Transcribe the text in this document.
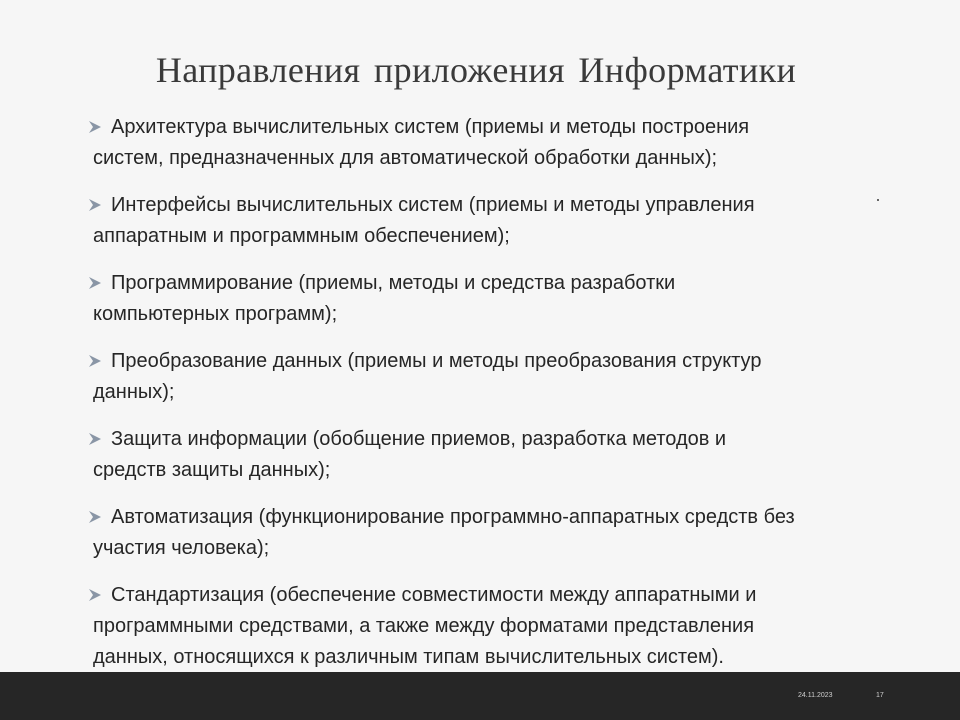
Направления приложения Информатики
Архитектура вычислительных систем (приемы и методы построения
систем, предназначенных для автоматической обработки данных);
Интерфейсы вычислительных систем (приемы и методы управления
аппаратным и программным обеспечением);
Программирование (приемы, методы и средства разработки
компьютерных программ);
Преобразование данных (приемы и методы преобразования структур
данных);
Защита информации (обобщение приемов, разработка методов и
средств защиты данных);
Автоматизация (функционирование программно-аппаратных средств без
участия человека);
Стандартизация (обеспечение совместимости между аппаратными и
программными средствами, а также между форматами представления
данных, относящихся к различным типам вычислительных систем).
24.11.2023	17
